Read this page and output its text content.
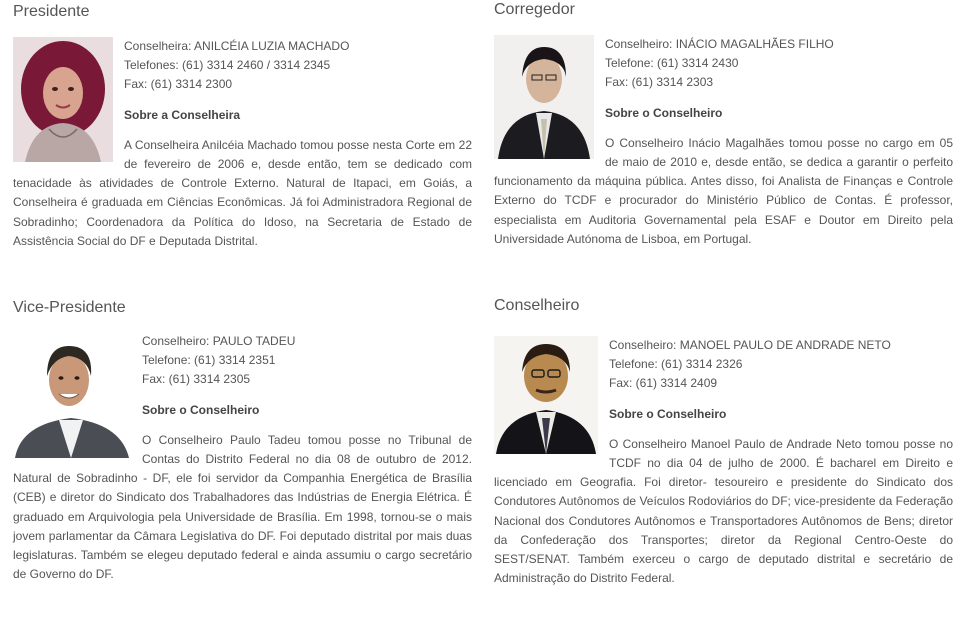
Presidente
Conselheira: ANILCÉIA LUZIA MACHADO
Telefones: (61) 3314 2460 / 3314 2345
Fax: (61) 3314 2300
Sobre a Conselheira
A Conselheira Anilcéia Machado tomou posse nesta Corte em 22 de fevereiro de 2006 e, desde então, tem se dedicado com tenacidade às atividades de Controle Externo. Natural de Itapaci, em Goiás, a Conselheira é graduada em Ciências Econômicas. Já foi Administradora Regional de Sobradinho; Coordenadora da Política do Idoso, na Secretaria de Estado de Assistência Social do DF e Deputada Distrital.
Corregedor
Conselheiro: INÁCIO MAGALHÃES FILHO
Telefone: (61) 3314 2430
Fax: (61) 3314 2303
Sobre o Conselheiro
O Conselheiro Inácio Magalhães tomou posse no cargo em 05 de maio de 2010 e, desde então, se dedica a garantir o perfeito funcionamento da máquina pública. Antes disso, foi Analista de Finanças e Controle Externo do TCDF e procurador do Ministério Público de Contas. É professor, especialista em Auditoria Governamental pela ESAF e Doutor em Direito pela Universidade Autónoma de Lisboa, em Portugal.
Vice-Presidente
Conselheiro: PAULO TADEU
Telefone: (61) 3314 2351
Fax: (61) 3314 2305
Sobre o Conselheiro
O Conselheiro Paulo Tadeu tomou posse no Tribunal de Contas do Distrito Federal no dia 08 de outubro de 2012. Natural de Sobradinho - DF, ele foi servidor da Companhia Energética de Brasília (CEB) e diretor do Sindicato dos Trabalhadores das Indústrias de Energia Elétrica. É graduado em Arquivologia pela Universidade de Brasília. Em 1998, tornou-se o mais jovem parlamentar da Câmara Legislativa do DF. Foi deputado distrital por mais duas legislaturas. Também se elegeu deputado federal e ainda assumiu o cargo secretário de Governo do DF.
Conselheiro
Conselheiro: MANOEL PAULO DE ANDRADE NETO
Telefone: (61) 3314 2326
Fax: (61) 3314 2409
Sobre o Conselheiro
O Conselheiro Manoel Paulo de Andrade Neto tomou posse no TCDF no dia 04 de julho de 2000. É bacharel em Direito e licenciado em Geografia. Foi diretor- tesoureiro e presidente do Sindicato dos Condutores Autônomos de Veículos Rodoviários do DF; vice-presidente da Federação Nacional dos Condutores Autônomos e Transportadores Autônomos de Bens; diretor da Confederação dos Transportes; diretor da Regional Centro-Oeste do SEST/SENAT. Também exerceu o cargo de deputado distrital e secretário de Administração do Distrito Federal.
